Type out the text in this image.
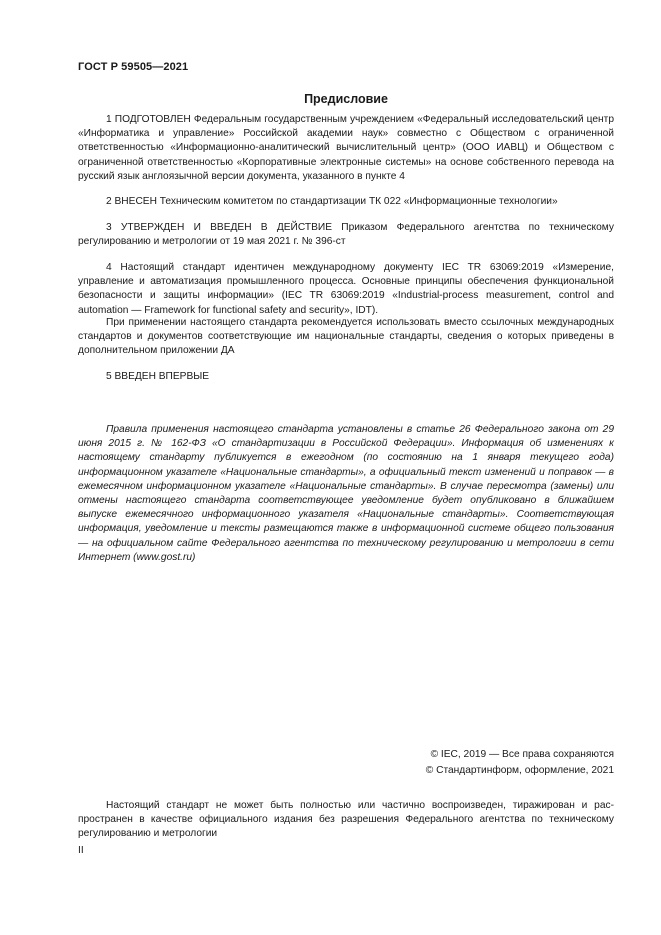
ГОСТ Р 59505—2021
Предисловие

1 ПОДГОТОВЛЕН Федеральным государственным учреждением «Федеральный исследовательский центр «Информатика и управление» Российской академии наук» совместно с Обществом с ограниченной ответственностью «Информационно-аналитический вычислительный центр» (ООО ИАВЦ) и Обществом с ограниченной ответственностью «Корпоративные электронные системы» на основе собственного перевода на русский язык англоязычной версии документа, указанного в пункте 4

2 ВНЕСЕН Техническим комитетом по стандартизации ТК 022 «Информационные технологии»

3 УТВЕРЖДЕН И ВВЕДЕН В ДЕЙСТВИЕ Приказом Федерального агентства по техническому регулированию и метрологии от 19 мая 2021 г. № 396-ст

4 Настоящий стандарт идентичен международному документу IEC TR 63069:2019 «Измерение, управление и автоматизация промышленного процесса. Основные принципы обеспечения функциональной безопасности и защиты информации» (IEC TR 63069:2019 «Industrial-process measurement, control and automation — Framework for functional safety and security», IDT).

При применении настоящего стандарта рекомендуется использовать вместо ссылочных международных стандартов и документов соответствующие им национальные стандарты, сведения о которых приведены в дополнительном приложении ДА

5 ВВЕДЕН ВПЕРВЫЕ

Правила применения настоящего стандарта установлены в статье 26 Федерального закона от 29 июня 2015 г. № 162-ФЗ «О стандартизации в Российской Федерации». Информация об изменениях к настоящему стандарту публикуется в ежегодном (по состоянию на 1 января текущего года) информационном указателе «Национальные стандарты», а официальный текст изменений и поправок — в ежемесячном информационном указателе «Национальные стандарты». В случае пересмотра (замены) или отмены настоящего стандарта соответствующее уведомление будет опубликовано в ближайшем выпуске ежемесячного информационного указателя «Национальные стандарты». Соответствующая информация, уведомление и тексты размещаются также в информационной системе общего пользования — на официальном сайте Федерального агентства по техническому регулированию и метрологии в сети Интернет (www.gost.ru)

© IEC, 2019 — Все права сохраняются
© Стандартинформ, оформление, 2021

Настоящий стандарт не может быть полностью или частично воспроизведен, тиражирован и распространен в качестве официального издания без разрешения Федерального агентства по техническому регулированию и метрологии

II
